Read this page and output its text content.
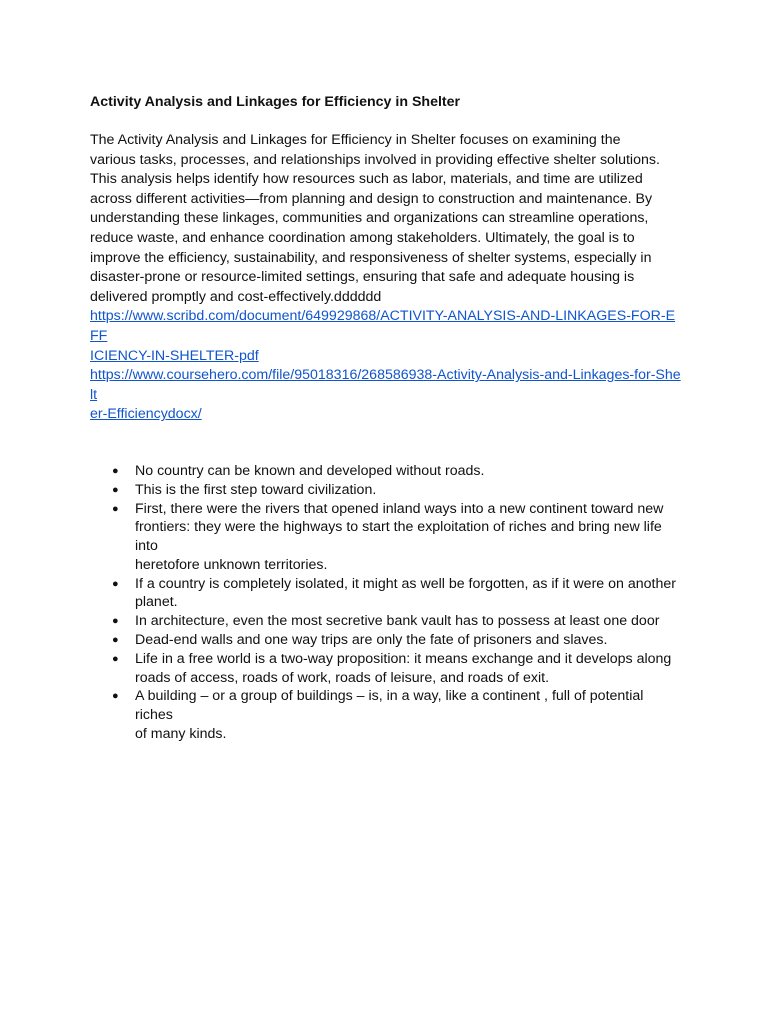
Activity Analysis and Linkages for Efficiency in Shelter

The Activity Analysis and Linkages for Efficiency in Shelter focuses on examining the
various tasks, processes, and relationships involved in providing effective shelter solutions.
This analysis helps identify how resources such as labor, materials, and time are utilized
across different activities—from planning and design to construction and maintenance. By
understanding these linkages, communities and organizations can streamline operations,
reduce waste, and enhance coordination among stakeholders. Ultimately, the goal is to
improve the efficiency, sustainability, and responsiveness of shelter systems, especially in
disaster-prone or resource-limited settings, ensuring that safe and adequate housing is
delivered promptly and cost-effectively.dddddd

https://www.scribd.com/document/649929868/ACTIVITY-ANALYSIS-AND-LINKAGES-FOR-EFF
ICIENCY-IN-SHELTER-pdf
https://www.coursehero.com/file/95018316/268586938-Activity-Analysis-and-Linkages-for-Shelt
er-Efficiencydocx/
● No country can be known and developed without roads.
● This is the first step toward civilization.
● First, there were the rivers that opened inland ways into a new continent toward new
frontiers: they were the highways to start the exploitation of riches and bring new life into
heretofore unknown territories.
● If a country is completely isolated, it might as well be forgotten, as if it were on another
planet.
● In architecture, even the most secretive bank vault has to possess at least one door
● Dead-end walls and one way trips are only the fate of prisoners and slaves.
● Life in a free world is a two-way proposition: it means exchange and it develops along
roads of access, roads of work, roads of leisure, and roads of exit.
● A building – or a group of buildings – is, in a way, like a continent , full of potential riches
of many kinds.
